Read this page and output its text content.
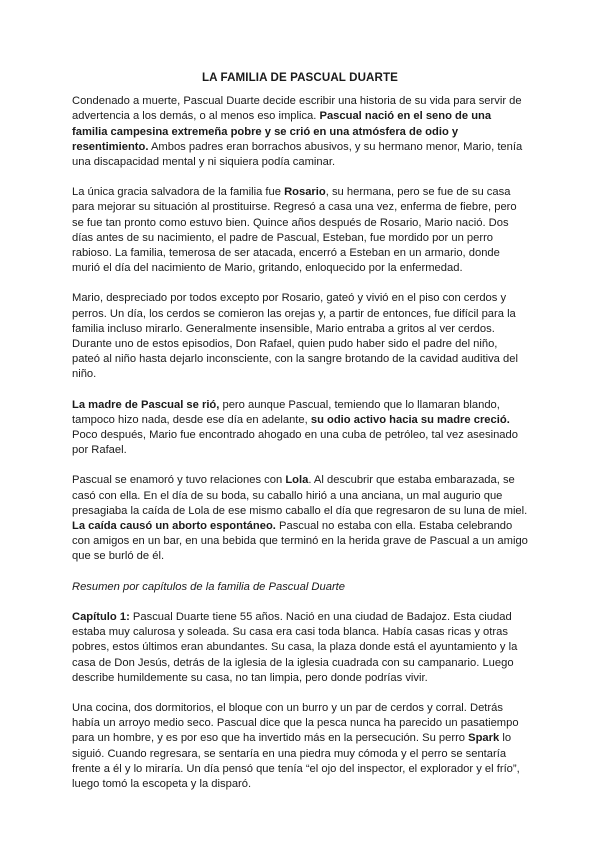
LA FAMILIA DE PASCUAL DUARTE

Condenado a muerte, Pascual Duarte decide escribir una historia de su vida para servir de advertencia a los demás, o al menos eso implica. Pascual nació en el seno de una familia campesina extremeña pobre y se crió en una atmósfera de odio y resentimiento. Ambos padres eran borrachos abusivos, y su hermano menor, Mario, tenía una discapacidad mental y ni siquiera podía caminar.

La única gracia salvadora de la familia fue Rosario, su hermana, pero se fue de su casa para mejorar su situación al prostituirse. Regresó a casa una vez, enferma de fiebre, pero se fue tan pronto como estuvo bien. Quince años después de Rosario, Mario nació. Dos días antes de su nacimiento, el padre de Pascual, Esteban, fue mordido por un perro rabioso. La familia, temerosa de ser atacada, encerró a Esteban en un armario, donde murió el día del nacimiento de Mario, gritando, enloquecido por la enfermedad.

Mario, despreciado por todos excepto por Rosario, gateó y vivió en el piso con cerdos y perros. Un día, los cerdos se comieron las orejas y, a partir de entonces, fue difícil para la familia incluso mirarlo. Generalmente insensible, Mario entraba a gritos al ver cerdos. Durante uno de estos episodios, Don Rafael, quien pudo haber sido el padre del niño, pateó al niño hasta dejarlo inconsciente, con la sangre brotando de la cavidad auditiva del niño.

La madre de Pascual se rió, pero aunque Pascual, temiendo que lo llamaran blando, tampoco hizo nada, desde ese día en adelante, su odio activo hacia su madre creció. Poco después, Mario fue encontrado ahogado en una cuba de petróleo, tal vez asesinado por Rafael.

Pascual se enamoró y tuvo relaciones con Lola. Al descubrir que estaba embarazada, se casó con ella. En el día de su boda, su caballo hirió a una anciana, un mal augurio que presagiaba la caída de Lola de ese mismo caballo el día que regresaron de su luna de miel. La caída causó un aborto espontáneo. Pascual no estaba con ella. Estaba celebrando con amigos en un bar, en una bebida que terminó en la herida grave de Pascual a un amigo que se burló de él.

Resumen por capítulos de la familia de Pascual Duarte

Capítulo 1: Pascual Duarte tiene 55 años. Nació en una ciudad de Badajoz. Esta ciudad estaba muy calurosa y soleada. Su casa era casi toda blanca. Había casas ricas y otras pobres, estos últimos eran abundantes. Su casa, la plaza donde está el ayuntamiento y la casa de Don Jesús, detrás de la iglesia de la iglesia cuadrada con su campanario. Luego describe humildemente su casa, no tan limpia, pero donde podrías vivir.

Una cocina, dos dormitorios, el bloque con un burro y un par de cerdos y corral. Detrás había un arroyo medio seco. Pascual dice que la pesca nunca ha parecido un pasatiempo para un hombre, y es por eso que ha invertido más en la persecución. Su perro Spark lo siguió. Cuando regresara, se sentaría en una piedra muy cómoda y el perro se sentaría frente a él y lo miraría. Un día pensó que tenía “el ojo del inspector, el explorador y el frío”, luego tomó la escopeta y la disparó.
